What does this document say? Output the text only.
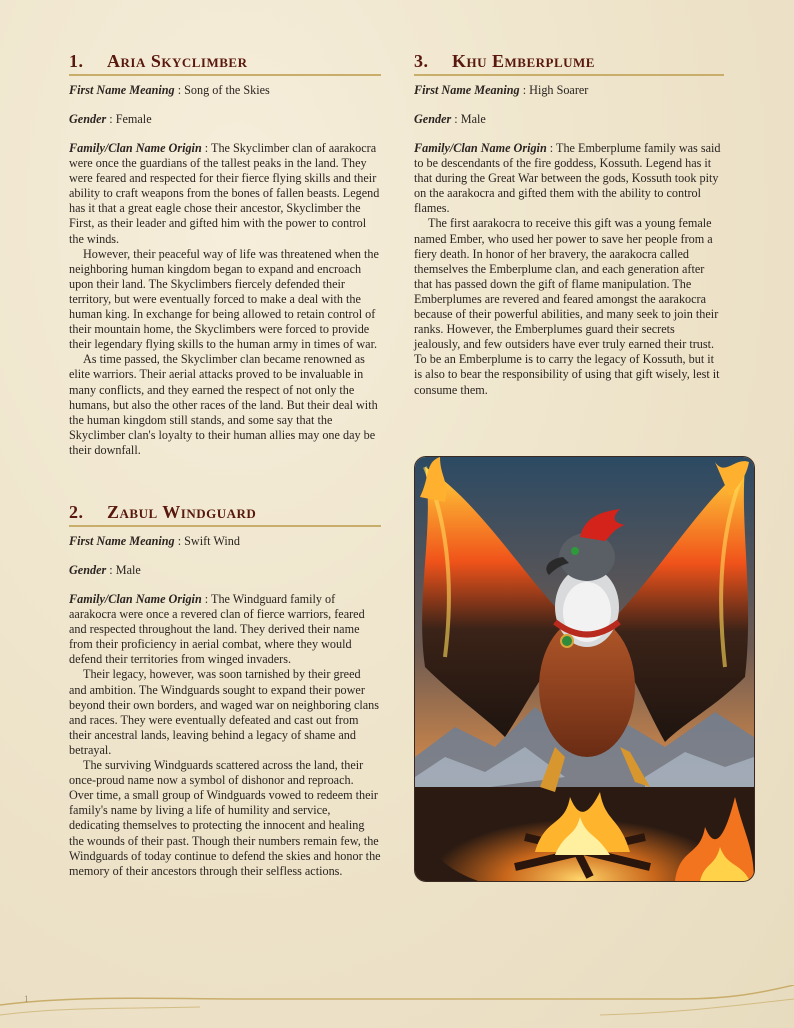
1. Aria Skyclimber

First Name Meaning : Song of the Skies

Gender : Female

Family/Clan Name Origin : The Skyclimber clan of aarakocra were once the guardians of the tallest peaks in the land. They were feared and respected for their fierce flying skills and their ability to craft weapons from the bones of fallen beasts. Legend has it that a great eagle chose their ancestor, Skyclimber the First, as their leader and gifted him with the power to control the winds.

However, their peaceful way of life was threatened when the neighboring human kingdom began to expand and encroach upon their land. The Skyclimbers fiercely defended their territory, but were eventually forced to make a deal with the human king. In exchange for being allowed to retain control of their mountain home, the Skyclimbers were forced to provide their legendary flying skills to the human army in times of war.

As time passed, the Skyclimber clan became renowned as elite warriors. Their aerial attacks proved to be invaluable in many conflicts, and they earned the respect of not only the humans, but also the other races of the land. But their deal with the human kingdom still stands, and some say that the Skyclimber clan's loyalty to their human allies may one day be their downfall.

2. Zabul Windguard

First Name Meaning : Swift Wind

Gender : Male

Family/Clan Name Origin : The Windguard family of aarakocra were once a revered clan of fierce warriors, feared and respected throughout the land. They derived their name from their proficiency in aerial combat, where they would defend their territories from winged invaders.

Their legacy, however, was soon tarnished by their greed and ambition. The Windguards sought to expand their power beyond their own borders, and waged war on neighboring clans and races. They were eventually defeated and cast out from their ancestral lands, leaving behind a legacy of shame and betrayal.

The surviving Windguards scattered across the land, their once-proud name now a symbol of dishonor and reproach. Over time, a small group of Windguards vowed to redeem their family's name by living a life of humility and service, dedicating themselves to protecting the innocent and healing the wounds of their past. Though their numbers remain few, the Windguards of today continue to defend the skies and honor the memory of their ancestors through their selfless actions.

3. Khu Emberplume

First Name Meaning : High Soarer

Gender : Male

Family/Clan Name Origin : The Emberplume family was said to be descendants of the fire goddess, Kossuth. Legend has it that during the Great War between the gods, Kossuth took pity on the aarakocra and gifted them with the ability to control flames.

The first aarakocra to receive this gift was a young female named Ember, who used her power to save her people from a fiery death. In honor of her bravery, the aarakocra called themselves the Emberplume clan, and each generation after that has passed down the gift of flame manipulation. The Emberplumes are revered and feared amongst the aarakocra because of their powerful abilities, and many seek to join their ranks. However, the Emberplumes guard their secrets jealously, and few outsiders have ever truly earned their trust. To be an Emberplume is to carry the legacy of Kossuth, but it is also to bear the responsibility of using that gift wisely, lest it consume them.

1
